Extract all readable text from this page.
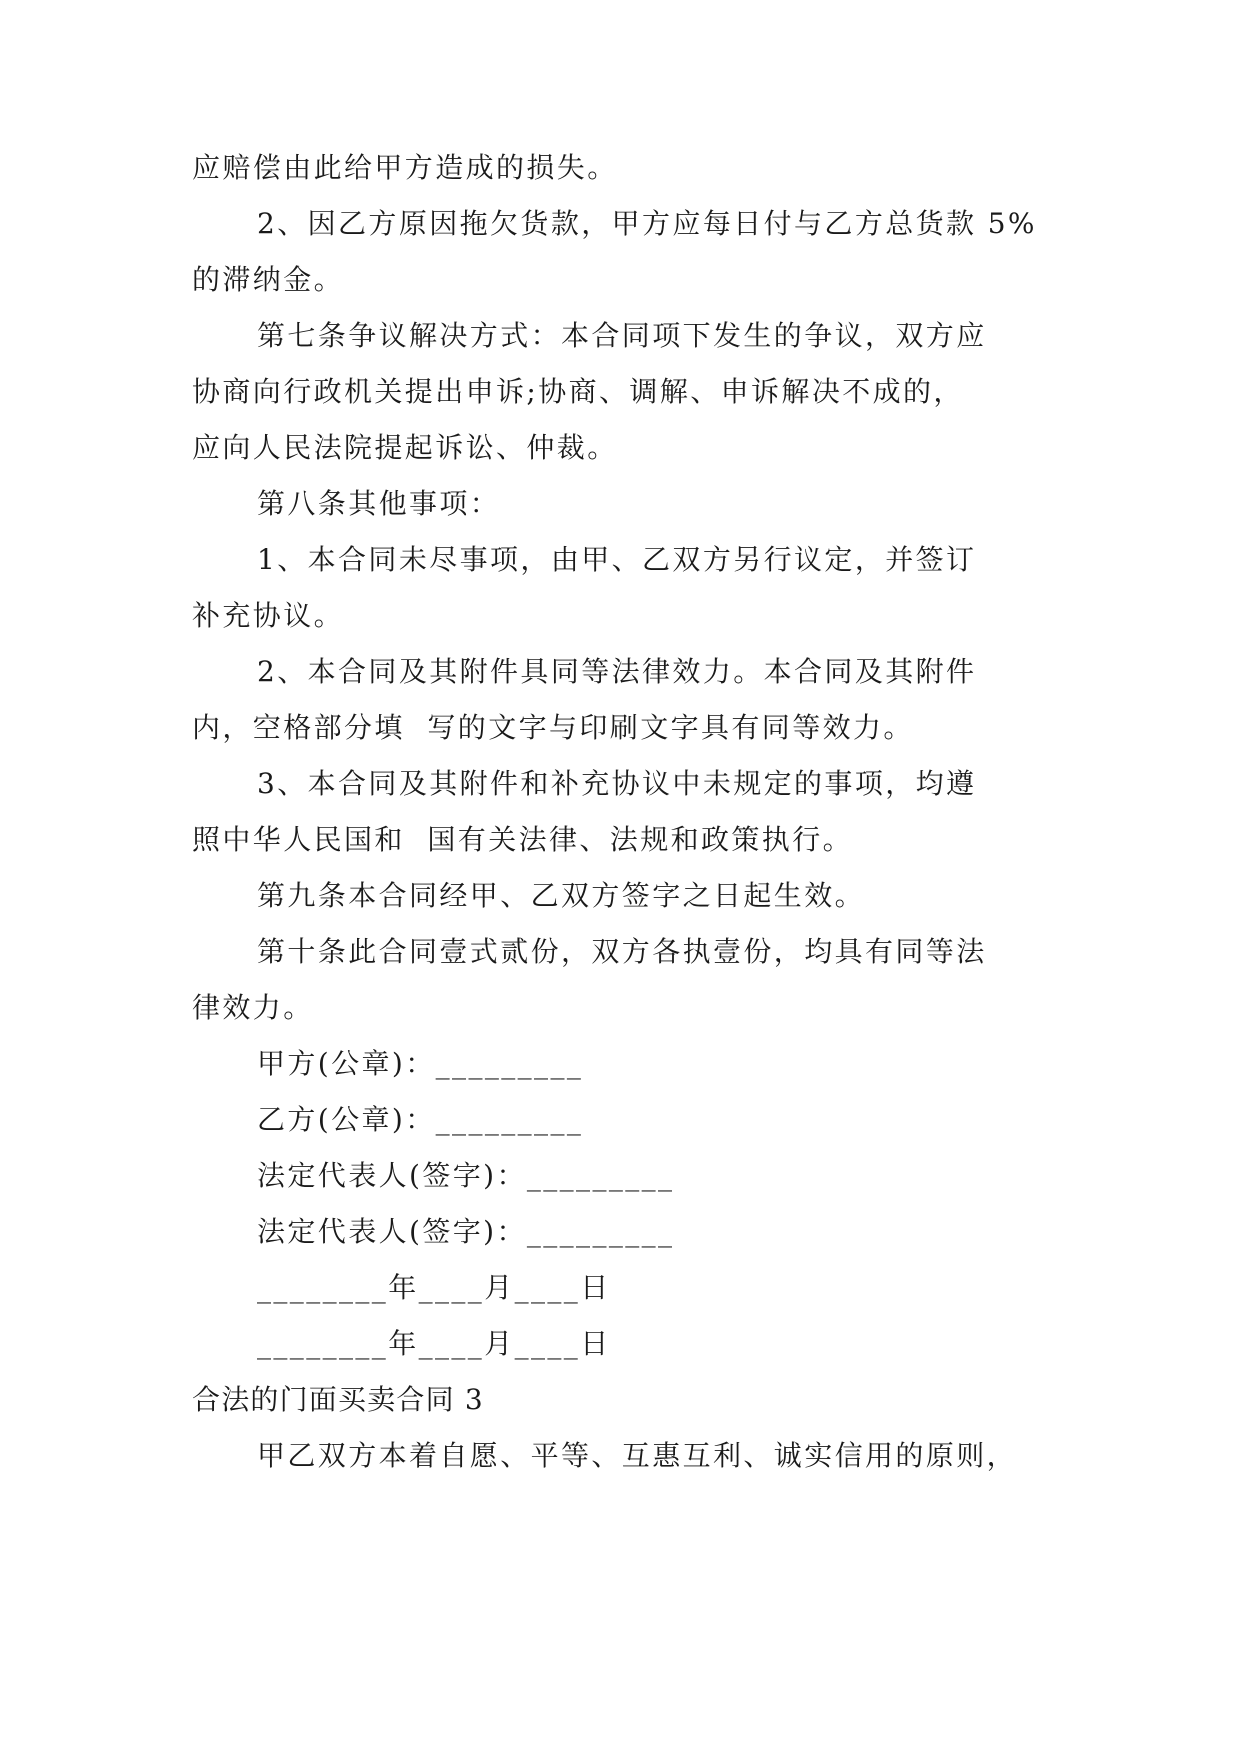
应赔偿由此给甲方造成的损失。
2、因乙方原因拖欠货款，甲方应每日付与乙方总货款 5%
的滞纳金。
第七条争议解决方式：本合同项下发生的争议，双方应
协商向行政机关提出申诉;协商、调解、申诉解决不成的，
应向人民法院提起诉讼、仲裁。
第八条其他事项：
1、本合同未尽事项，由甲、乙双方另行议定，并签订
补充协议。
2、本合同及其附件具同等法律效力。本合同及其附件
内，空格部分填  写的文字与印刷文字具有同等效力。
3、本合同及其附件和补充协议中未规定的事项，均遵
照中华人民国和  国有关法律、法规和政策执行。
第九条本合同经甲、乙双方签字之日起生效。
第十条此合同壹式贰份，双方各执壹份，均具有同等法
律效力。
甲方(公章)：_________
乙方(公章)：_________
法定代表人(签字)：_________
法定代表人(签字)：_________
________年____月____日
________年____月____日
合法的门面买卖合同 3
甲乙双方本着自愿、平等、互惠互利、诚实信用的原则，
